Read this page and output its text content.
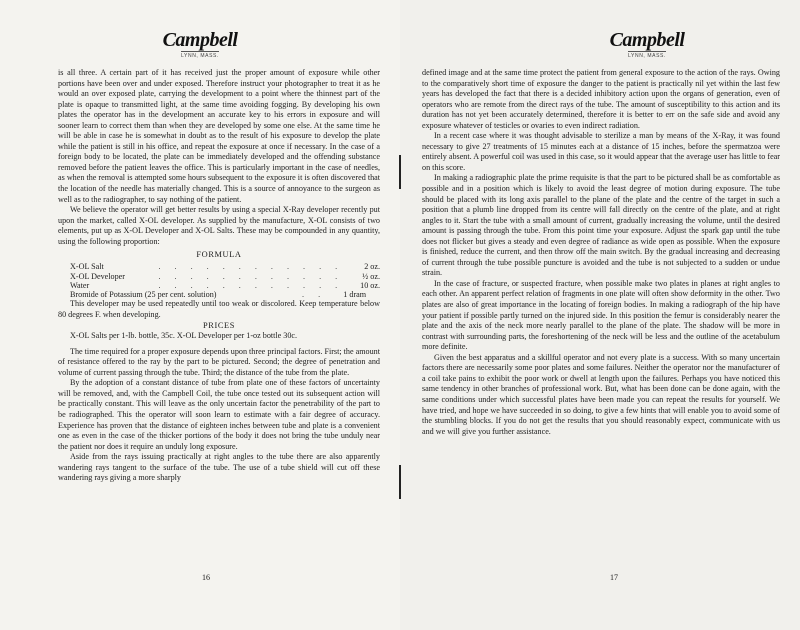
Campbell
LYNN, MASS.

is all three. A certain part of it has received just the proper amount of exposure while other portions have been over and under exposed. Therefore instruct your photographer to treat it as he would an over exposed plate, carrying the development to a point where the thinnest part of the plate is opaque to transmitted light, at the same time avoiding fogging. By developing his own plates the operator has in the development an accurate key to his errors in exposure and will sooner learn to correct them than when they are developed by some one else. At the same time he will be able in case he is somewhat in doubt as to the result of his exposure to develop the plate while the patient is still in his office, and repeat the exposure at once if necessary. In the case of a foreign body to be located, the plate can be immediately developed and the offending substance removed before the patient leaves the office. This is particularly important in the case of needles, as when the removal is attempted some hours subsequent to the exposure it is often discovered that the location of the needle has materially changed. This is a source of annoyance to the surgeon as well as to the radiographer, to say nothing of the patient.

We believe the operator will get better results by using a special X-Ray developer recently put upon the market, called X-OL developer. As supplied by the manufacture, X-OL consists of two elements, put up as X-OL Developer and X-OL Salts. These may be compounded in any quantity, using the following proportion:

FORMULA
X-OL Salt	. . . . . . . . . . . .	2 oz.
X-OL Developer	. . . . . . . . . . . .	½ oz.
Water	. . . . . . . . . . . .	10 oz.
Bromide of Potassium (25 per cent. solution)	. .	1 dram

This developer may be used repeatedly until too weak or discolored. Keep temperature below 80 degrees F. when developing.

PRICES

X-OL Salts per 1-lb. bottle, 35c. X-OL Developer per 1-oz bottle 30c.

The time required for a proper exposure depends upon three principal factors. First; the amount of resistance offered to the ray by the part to be pictured. Second; the degree of penetration and volume of current passing through the tube. Third; the distance of the tube from the plate.

By the adoption of a constant distance of tube from plate one of these factors of uncertainty will be removed, and, with the Campbell Coil, the tube once tested out its subsequent action will be practically constant. This will leave as the only uncertain factor the penetrability of the part to be radiographed. This the operator will soon learn to estimate with a fair degree of accuracy. Experience has proven that the distance of eighteen inches between tube and plate is a convenient one as even in the case of the thicker portions of the body it does not bring the tube unduly near the patient nor does it require an unduly long exposure.

Aside from the rays issuing practically at right angles to the tube there are also apparently wandering rays tangent to the surface of the tube. The use of a tube shield will cut off these wandering rays giving a more sharply

16
Campbell
LYNN, MASS.

defined image and at the same time protect the patient from general exposure to the action of the rays. Owing to the comparatively short time of exposure the danger to the patient is practically nil yet within the last few years has developed the fact that there is a decided inhibitory action upon the organs of generation, even of operators who are remote from the direct rays of the tube. The amount of susceptibility to this action and its duration has not yet been accurately determined, therefore it is better to err on the safe side and avoid any exposure whatever of testicles or ovaries to even indirect radiation.

In a recent case where it was thought advisable to sterilize a man by means of the X-Ray, it was found necessary to give 27 treatments of 15 minutes each at a distance of 15 inches, before the spermatzoa were entirely absent. A powerful coil was used in this case, so it would appear that the average user has little to fear on this score.

In making a radiographic plate the prime requisite is that the part to be pictured shall be as comfortable as possible and in a position which is likely to avoid the least degree of motion during exposure. The tube should be placed with its long axis parallel to the plane of the plate and the centre of the target in such a position that a plumb line dropped from its centre will fall directly on the centre of the plate, and at right angles to it. Start the tube with a small amount of current, gradually increasing the volume, until the desired amount is passing through the tube. From this point time your exposure. Adjust the spark gap until the tube does not flicker but gives a steady and even degree of radiance as wide open as possible. When the exposure is finished, reduce the current, and then throw off the main switch. By the gradual increasing and decreasing of current through the tube possible puncture is avoided and the tube is not subjected to a sudden or undue strain.

In the case of fracture, or suspected fracture, when possible make two plates in planes at right angles to each other. An apparent perfect relation of fragments in one plate will often show deformity in the other. Two plates are also of great importance in the locating of foreign bodies. In making a radiograph of the hip have your patient if possible partly turned on the injured side. In this position the femur is considerably nearer the plate and the axis of the neck more nearly parallel to the plane of the plate. The shadow will be more in contrast with surrounding parts, the foreshortening of the neck will be less and the outline of the acetabulum more definite.

Given the best apparatus and a skillful operator and not every plate is a success. With so many uncertain factors there are necessarily some poor plates and some failures. Neither the operator nor the manufacturer of a coil take pains to exhibit the poor work or dwell at length upon the failures. Perhaps you have noticed this same tendency in other branches of professional work. But, what has been done can be done again, with the same conditions under which successful plates have been made you can repeat the results for yourself. We have tried, and hope we have succeeded in so doing, to give a few hints that will enable you to avoid some of the stumbling blocks. If you do not get the results that you should reasonably expect, communicate with us and we will give you further assistance.

17
